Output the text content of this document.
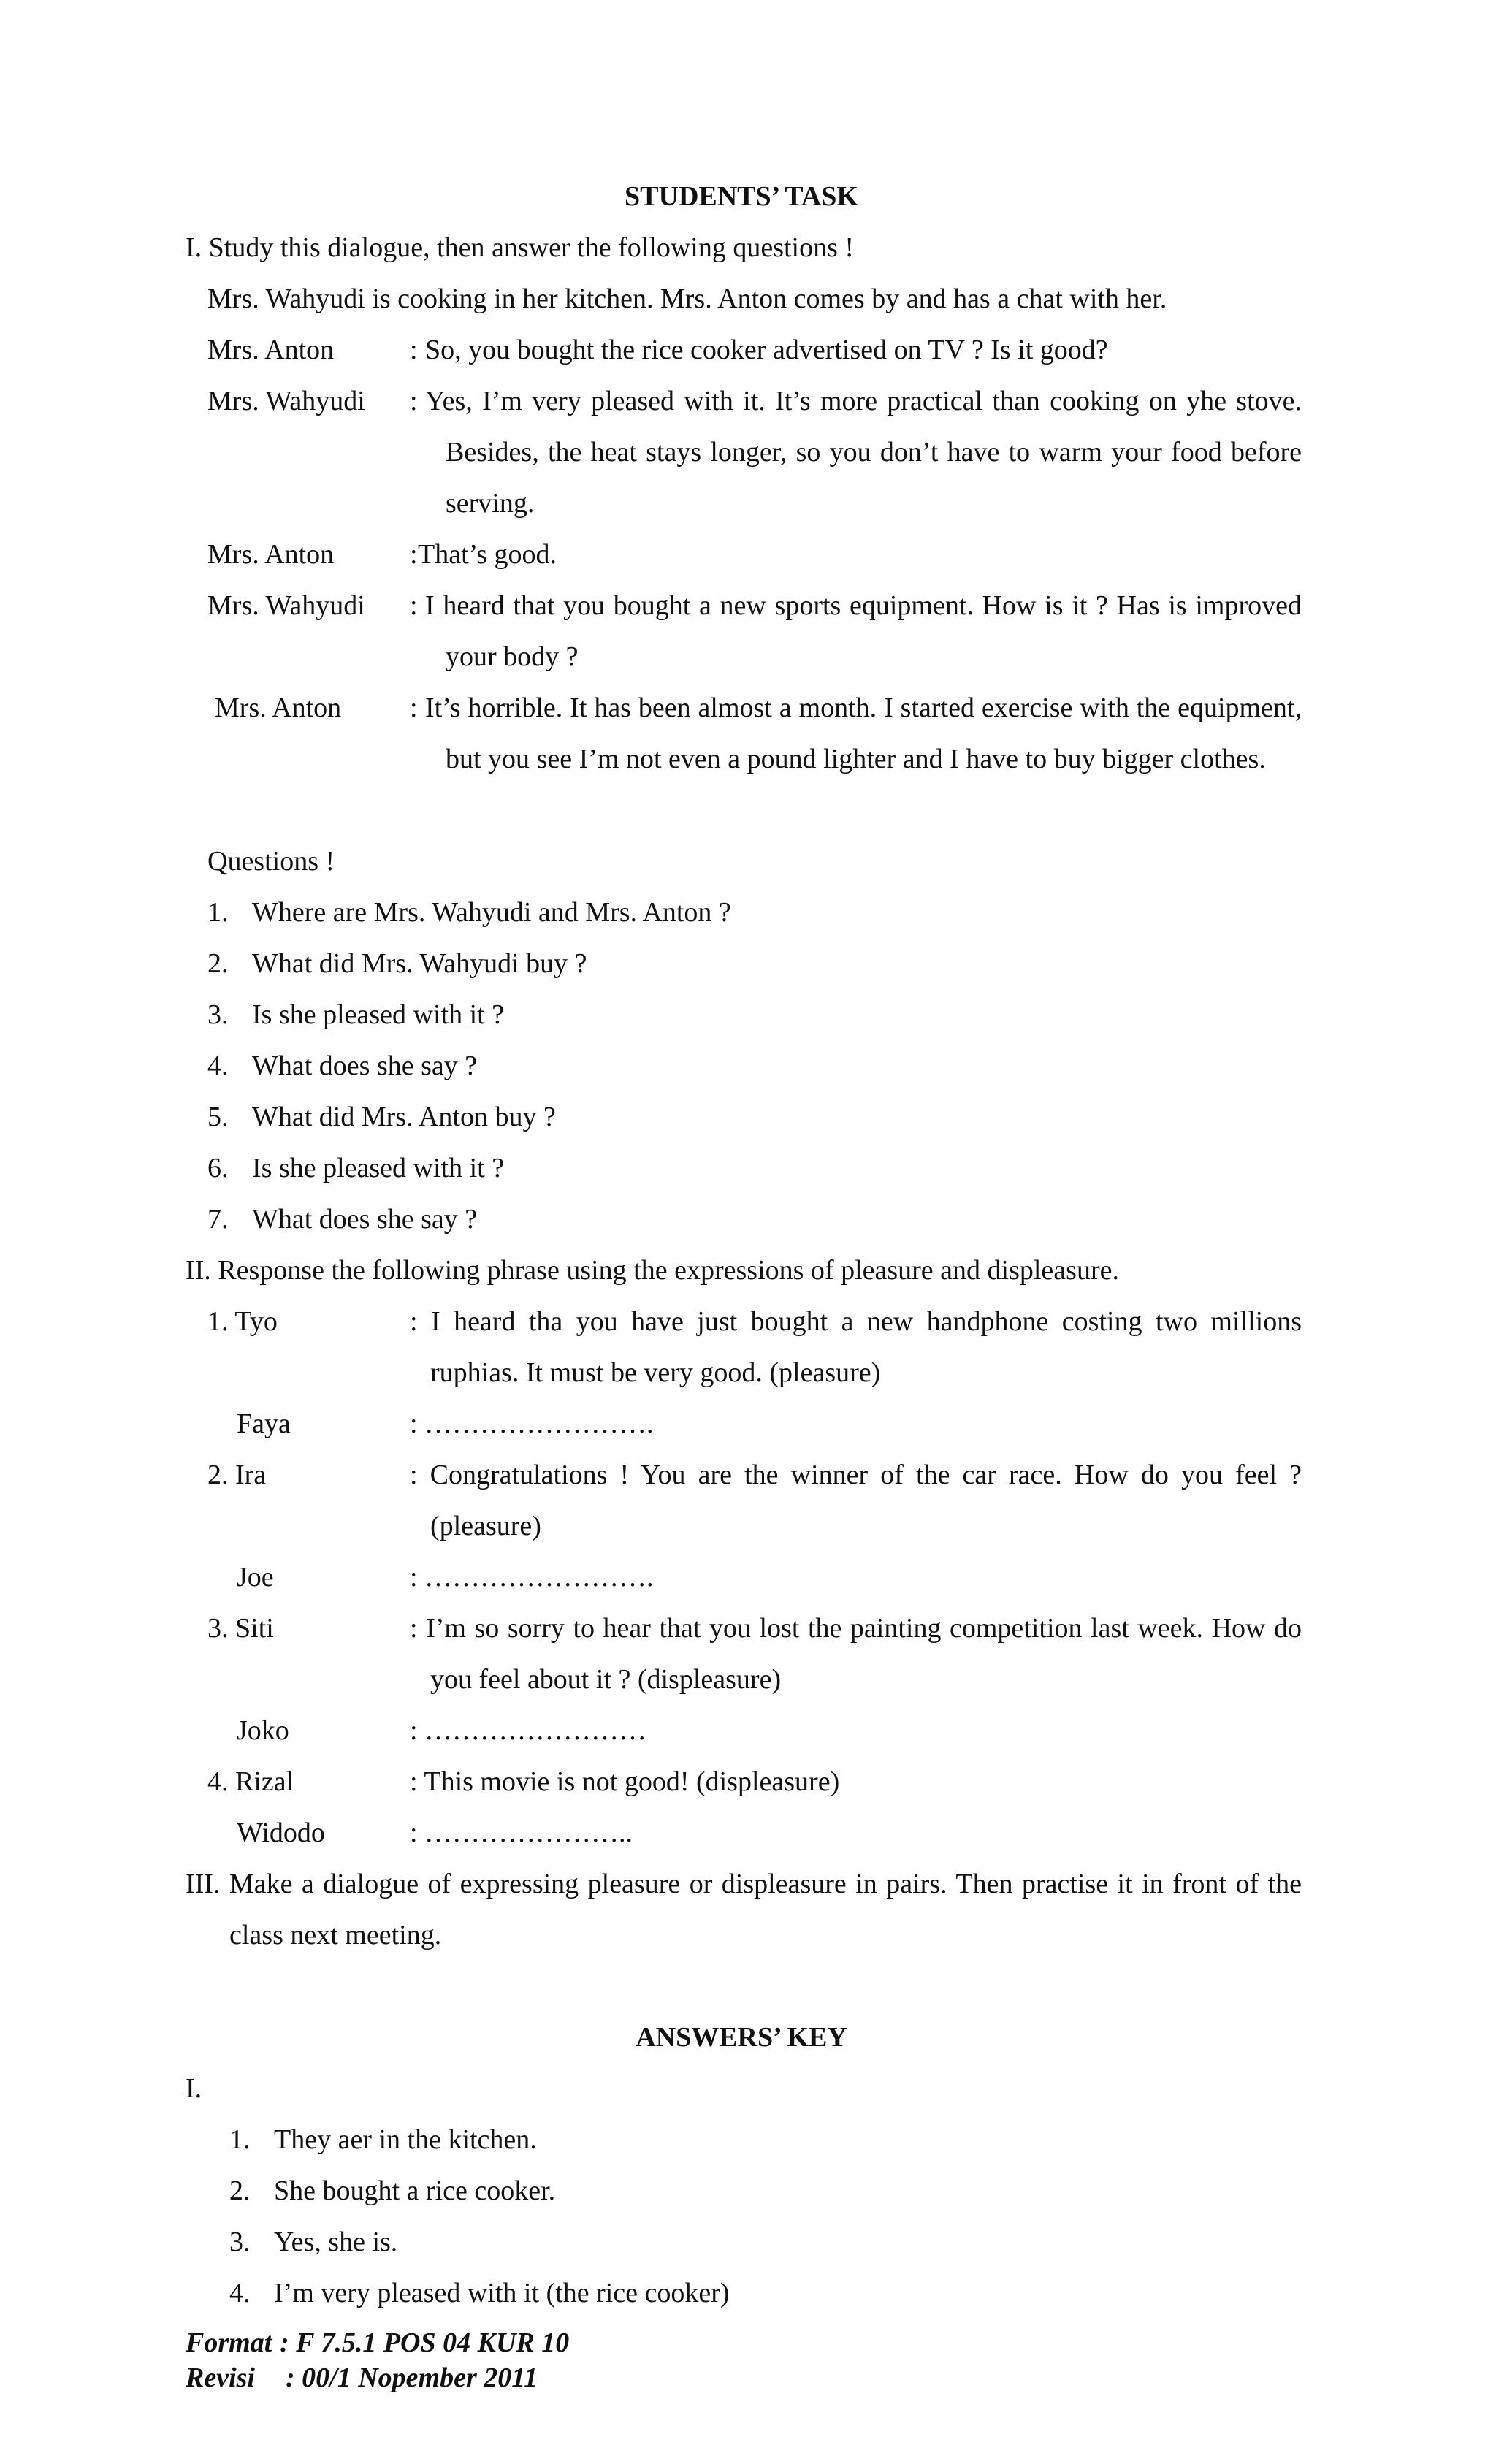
STUDENTS’ TASK
I. Study this dialogue, then answer the following questions !
Mrs. Wahyudi is cooking in her kitchen. Mrs. Anton comes by and has a chat with her.
Mrs. Anton	: So, you bought the rice cooker advertised on TV ? Is it good?
Mrs. Wahyudi : Yes, I’m very pleased with it. It’s more practical than cooking on yhe stove. Besides, the heat stays longer, so you don’t have to warm your food before serving.
Mrs. Anton	: That’s good.
Mrs. Wahyudi : I heard that you bought a new sports equipment. How is it ? Has is improved your body ?
Mrs. Anton : It’s horrible. It has been almost a month. I started exercise with the equipment, but you see I’m not even a pound lighter and I have to buy bigger clothes.
Questions !
1. Where are Mrs. Wahyudi and Mrs. Anton ?
2. What did Mrs. Wahyudi buy ?
3. Is she pleased with it ?
4. What does she say ?
5. What did Mrs. Anton buy ?
6. Is she pleased with it ?
7. What does she say ?
II. Response the following phrase using the expressions of pleasure and displeasure.
1. Tyo	: I heard tha you have just bought a new handphone costing two millions ruphias. It must be very good. (pleasure)
Faya	: …………………….
2. Ira	: Congratulations ! You are the winner of the car race. How do you feel ? (pleasure)
Joe	: …………………….
3. Siti	: I’m so sorry to hear that you lost the painting competition last week. How do you feel about it ? (displeasure)
Joko	: ……………………
4. Rizal	: This movie is not good! (displeasure)
Widodo	: …………………..
III. Make a dialogue of expressing pleasure or displeasure in pairs. Then practise it in front of the class next meeting.
ANSWERS’ KEY
I.
1. They aer in the kitchen.
2. She bought a rice cooker.
3. Yes, she is.
4. I’m very pleased with it (the rice cooker)
Format : F 7.5.1 POS 04 KUR 10
Revisi : 00/1 Nopember 2011
